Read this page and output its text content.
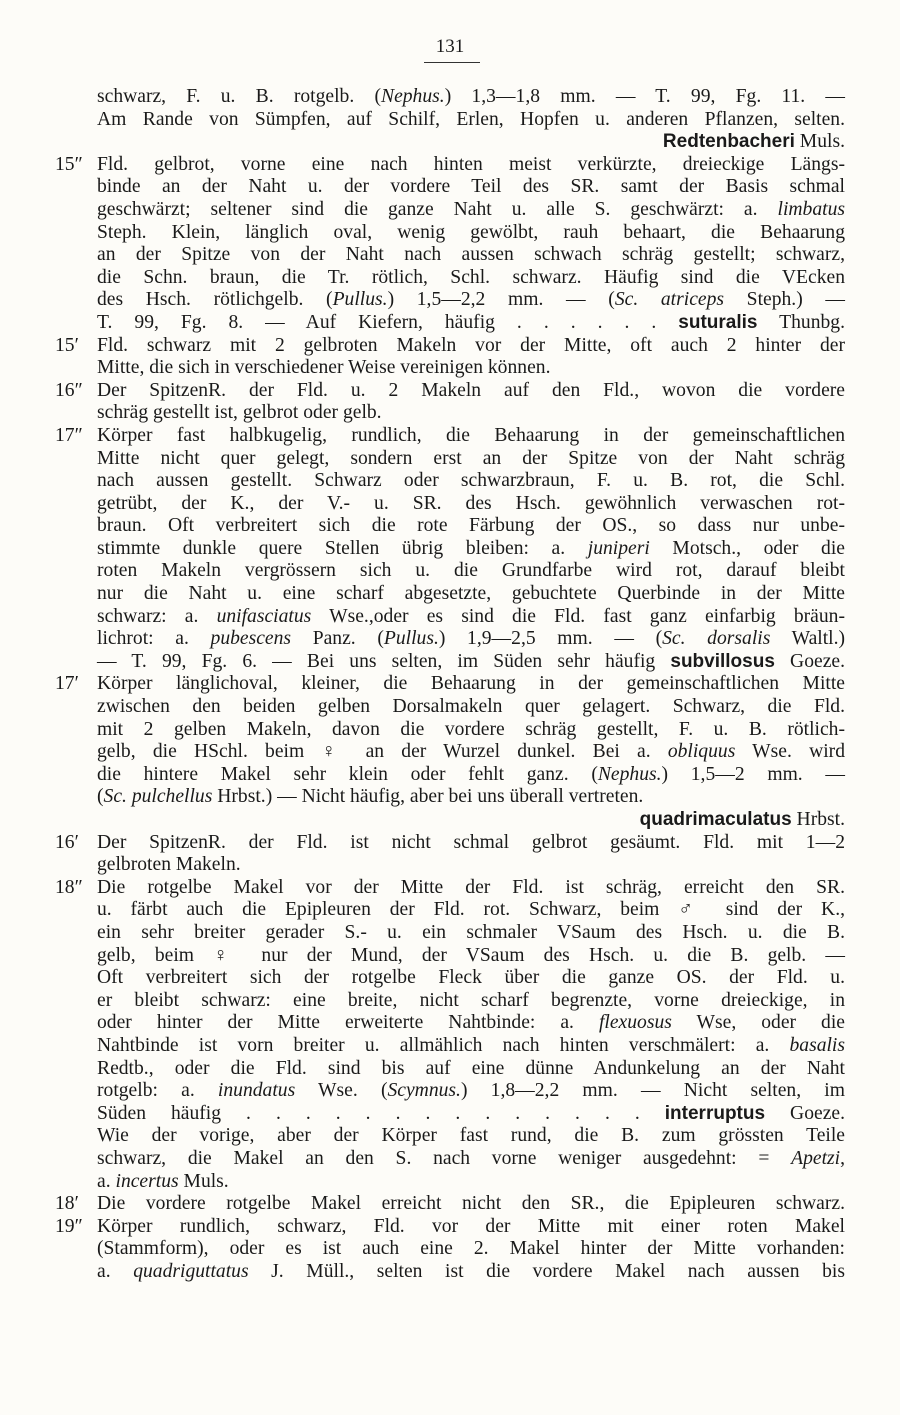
131
schwarz, F. u. B. rotgelb. (Nephus.) 1,3—1,8 mm. — T. 99, Fg. 11. —
Am Rande von Sümpfen, auf Schilf, Erlen, Hopfen u. anderen Pflanzen, selten.
Redtenbacheri Muls.
15″ Fld. gelbrot, vorne eine nach hinten meist verkürzte, dreieckige Längs-
binde an der Naht u. der vordere Teil des SR. samt der Basis schmal
geschwärzt; seltener sind die ganze Naht u. alle S. geschwärzt: a. limbatus
Steph. Klein, länglich oval, wenig gewölbt, rauh behaart, die Behaarung
an der Spitze von der Naht nach aussen schwach schräg gestellt; schwarz,
die Schn. braun, die Tr. rötlich, Schl. schwarz. Häufig sind die VEcken
des Hsch. rötlichgelb. (Pullus.) 1,5—2,2 mm. — (Sc. atriceps Steph.) —
T. 99, Fg. 8. — Auf Kiefern, häufig . . . . . . suturalis Thunbg.
15′ Fld. schwarz mit 2 gelbroten Makeln vor der Mitte, oft auch 2 hinter der
Mitte, die sich in verschiedener Weise vereinigen können.
16″ Der SpitzenR. der Fld. u. 2 Makeln auf den Fld., wovon die vordere
schräg gestellt ist, gelbrot oder gelb.
17″ Körper fast halbkugelig, rundlich, die Behaarung in der gemeinschaftlichen
Mitte nicht quer gelegt, sondern erst an der Spitze von der Naht schräg
nach aussen gestellt. Schwarz oder schwarzbraun, F. u. B. rot, die Schl.
getrübt, der K., der V.- u. SR. des Hsch. gewöhnlich verwaschen rot-
braun. Oft verbreitert sich die rote Färbung der OS., so dass nur unbe-
stimmte dunkle quere Stellen übrig bleiben: a. juniperi Motsch., oder die
roten Makeln vergrössern sich u. die Grundfarbe wird rot, darauf bleibt
nur die Naht u. eine scharf abgesetzte, gebuchtete Querbinde in der Mitte
schwarz: a. unifasciatus Wse.,oder es sind die Fld. fast ganz einfarbig bräun-
lichrot: a. pubescens Panz. (Pullus.) 1,9—2,5 mm. — (Sc. dorsalis Waltl.)
— T. 99, Fg. 6. — Bei uns selten, im Süden sehr häufig subvillosus Goeze.
17′ Körper länglichoval, kleiner, die Behaarung in der gemeinschaftlichen Mitte
zwischen den beiden gelben Dorsalmakeln quer gelagert. Schwarz, die Fld.
mit 2 gelben Makeln, davon die vordere schräg gestellt, F. u. B. rötlich-
gelb, die HSchl. beim ♀ an der Wurzel dunkel. Bei a. obliquus Wse. wird
die hintere Makel sehr klein oder fehlt ganz. (Nephus.) 1,5—2 mm. —
(Sc. pulchellus Hrbst.) — Nicht häufig, aber bei uns überall vertreten.
quadrimaculatus Hrbst.
16′ Der SpitzenR. der Fld. ist nicht schmal gelbrot gesäumt. Fld. mit 1—2
gelbroten Makeln.
18″ Die rotgelbe Makel vor der Mitte der Fld. ist schräg, erreicht den SR.
u. färbt auch die Epipleuren der Fld. rot. Schwarz, beim ♂ sind der K.,
ein sehr breiter gerader S.- u. ein schmaler VSaum des Hsch. u. die B.
gelb, beim ♀ nur der Mund, der VSaum des Hsch. u. die B. gelb. —
Oft verbreitert sich der rotgelbe Fleck über die ganze OS. der Fld. u.
er bleibt schwarz: eine breite, nicht scharf begrenzte, vorne dreieckige, in
oder hinter der Mitte erweiterte Nahtbinde: a. flexuosus Wse, oder die
Nahtbinde ist vorn breiter u. allmählich nach hinten verschmälert: a. basalis
Redtb., oder die Fld. sind bis auf eine dünne Andunkelung an der Naht
rotgelb: a. inundatus Wse. (Scymnus.) 1,8—2,2 mm. — Nicht selten, im
Süden häufig . . . . . . . . . . . . . . interruptus Goeze.
Wie der vorige, aber der Körper fast rund, die B. zum grössten Teile
schwarz, die Makel an den S. nach vorne weniger ausgedehnt: = Apetzi,
a. incertus Muls.
18′ Die vordere rotgelbe Makel erreicht nicht den SR., die Epipleuren schwarz.
19″ Körper rundlich, schwarz, Fld. vor der Mitte mit einer roten Makel
(Stammform), oder es ist auch eine 2. Makel hinter der Mitte vorhanden:
a. quadriguttatus J. Müll., selten ist die vordere Makel nach aussen bis
